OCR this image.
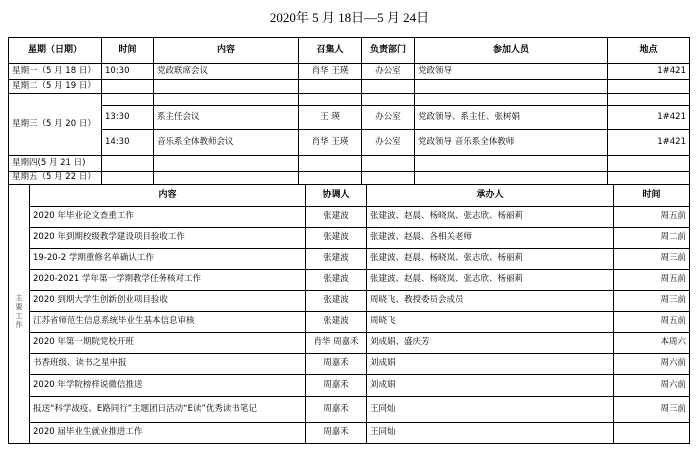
2020年 5 月 18日—5 月 24日
星期（日期）	时间	内容	召集人	负责部门	参加人员	地点
星期一（5 月 18 日）	10:30	党政联席会议	肖华 王瑛	办公室	党政领导	1#421
星期二（5 月 19 日）						
星期三（5 月 20 日）						
	13:30	系主任会议	王 瑛	办公室	党政领导、系主任、张树娟	1#421
	14:30	音乐系全体教师会议	肖华 王瑛	办公室	党政领导 音乐系全体教师	1#421
星期四(5 月 21 日)						
星期五（5 月 22 日）						
主要工作	内容	协调人	承办人	时间
	2020 年毕业论文查重工作	张建波	张建波、赵晨、杨晓岚、张志欣、杨丽莉	周五前
	2020 年到期校级教学建设项目验收工作	张建波	张建波、赵晨、各相关老师	周二前
	19-20-2 学期重修名单确认工作	张建波	张建波、赵晨、杨晓岚、张志欣、杨丽莉	周三前
	2020-2021 学年第一学期教学任务核对工作	张建波	张建波、赵晨、杨晓岚、张志欣、杨丽莉	周五前
	2020 到期大学生创新创业项目验收	张建波	周晓飞、教授委员会成员	周三前
	江苏省师范生信息系统毕业生基本信息审核	张建波	周晓飞	周五前
	2020 年第一期院党校开班	肖华 周嘉禾	刘成娟、盛庆芳	本周六
	书香班级、读书之星申报	周嘉禾	刘成娟	周六前
	2020 年学院榜样说微信推送	周嘉禾	刘成娟	周六前
	报送“科学战疫、E路同行”主题团日活动“E读”优秀读书笔记	周嘉禾	王同灿	周三前
	2020 届毕业生就业推进工作	周嘉禾	王同灿	
